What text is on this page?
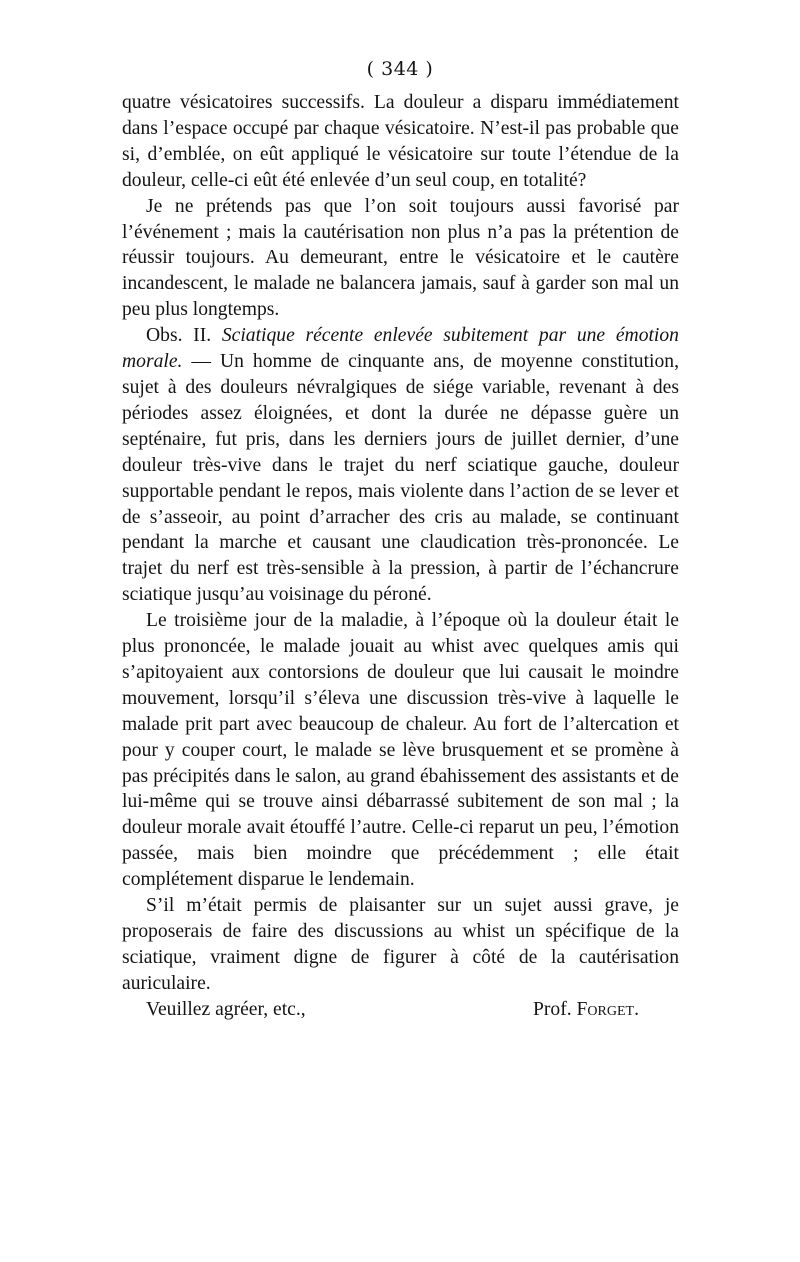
( 344 )

quatre vésicatoires successifs. La douleur a disparu immédiatement dans l’espace occupé par chaque vésicatoire. N’est-il pas probable que si, d’emblée, on eût appliqué le vésicatoire sur toute l’étendue de la douleur, celle-ci eût été enlevée d’un seul coup, en totalité?

Je ne prétends pas que l’on soit toujours aussi favorisé par l’événement ; mais la cautérisation non plus n’a pas la prétention de réussir toujours. Au demeurant, entre le vésicatoire et le cautère incandescent, le malade ne balancera jamais, sauf à garder son mal un peu plus longtemps.

Obs. II. Sciatique récente enlevée subitement par une émotion morale. — Un homme de cinquante ans, de moyenne constitution, sujet à des douleurs névralgiques de siége variable, revenant à des périodes assez éloignées, et dont la durée ne dépasse guère un septénaire, fut pris, dans les derniers jours de juillet dernier, d’une douleur très-vive dans le trajet du nerf sciatique gauche, douleur supportable pendant le repos, mais violente dans l’action de se lever et de s’asseoir, au point d’arracher des cris au malade, se continuant pendant la marche et causant une claudication très-prononcée. Le trajet du nerf est très-sensible à la pression, à partir de l’échancrure sciatique jusqu’au voisinage du péroné.

Le troisième jour de la maladie, à l’époque où la douleur était le plus prononcée, le malade jouait au whist avec quelques amis qui s’apitoyaient aux contorsions de douleur que lui causait le moindre mouvement, lorsqu’il s’éleva une discussion très-vive à laquelle le malade prit part avec beaucoup de chaleur. Au fort de l’altercation et pour y couper court, le malade se lève brusquement et se promène à pas précipités dans le salon, au grand ébahissement des assistants et de lui-même qui se trouve ainsi débarrassé subitement de son mal ; la douleur morale avait étouffé l’autre. Celle-ci reparut un peu, l’émotion passée, mais bien moindre que précédemment ; elle était complétement disparue le lendemain.

S’il m’était permis de plaisanter sur un sujet aussi grave, je proposerais de faire des discussions au whist un spécifique de la sciatique, vraiment digne de figurer à côté de la cautérisation auriculaire.

Veuillez agréer, etc.,	Prof. Forget.
